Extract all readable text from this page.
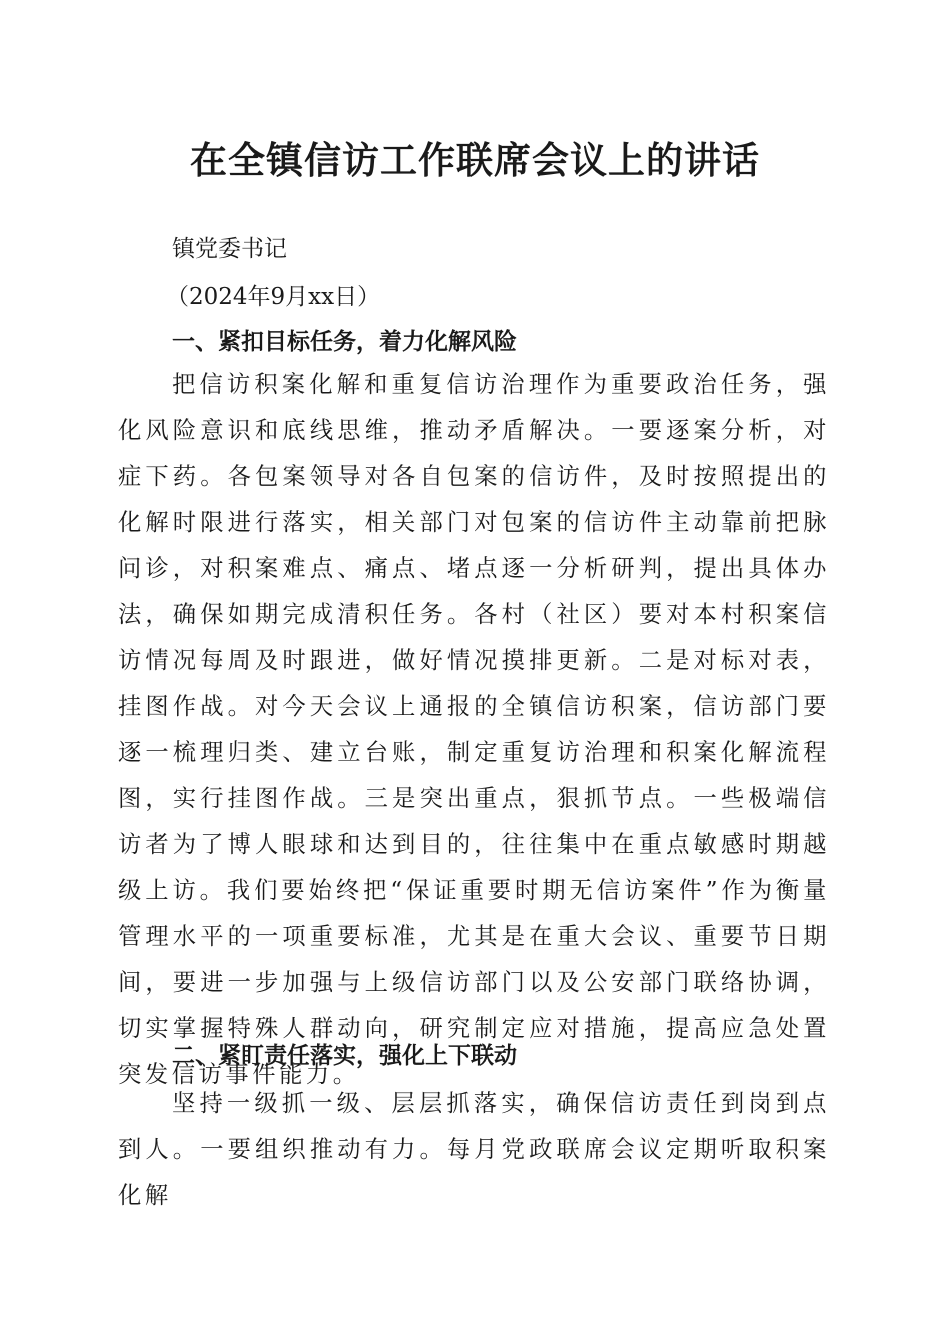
在全镇信访工作联席会议上的讲话

镇党委书记

（2024年9月xx日）

一、紧扣目标任务，着力化解风险

把信访积案化解和重复信访治理作为重要政治任务，强化风险意识和底线思维，推动矛盾解决。一要逐案分析，对症下药。各包案领导对各自包案的信访件，及时按照提出的化解时限进行落实，相关部门对包案的信访件主动靠前把脉问诊，对积案难点、痛点、堵点逐一分析研判，提出具体办法，确保如期完成清积任务。各村（社区）要对本村积案信访情况每周及时跟进，做好情况摸排更新。二是对标对表，挂图作战。对今天会议上通报的全镇信访积案，信访部门要逐一梳理归类、建立台账，制定重复访治理和积案化解流程图，实行挂图作战。三是突出重点，狠抓节点。一些极端信访者为了博人眼球和达到目的，往往集中在重点敏感时期越级上访。我们要始终把“保证重要时期无信访案件”作为衡量管理水平的一项重要标准，尤其是在重大会议、重要节日期间，要进一步加强与上级信访部门以及公安部门联络协调，切实掌握特殊人群动向，研究制定应对措施，提高应急处置突发信访事件能力。

二、紧盯责任落实，强化上下联动

坚持一级抓一级、层层抓落实，确保信访责任到岗到点到人。一要组织推动有力。每月党政联席会议定期听取积案化解
